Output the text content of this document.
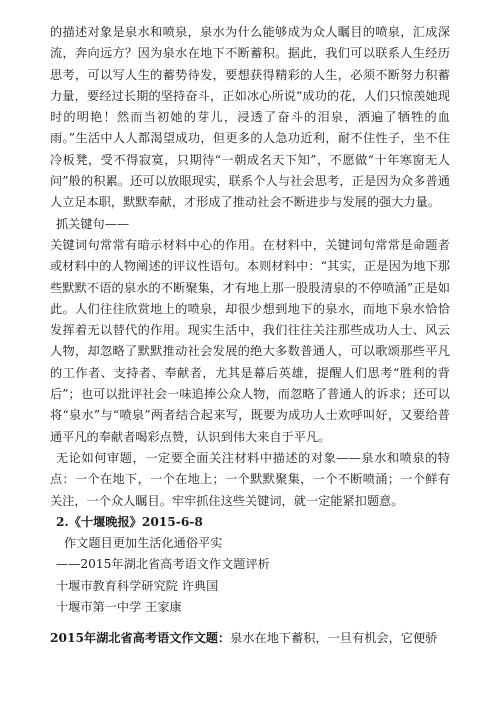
的描述对象是泉水和喷泉，泉水为什么能够成为众人瞩目的喷泉，汇成深流，奔向远方？因为泉水在地下不断蓄积。据此，我们可以联系人生经历思考，可以写人生的蓄势待发，要想获得精彩的人生，必须不断努力积蓄力量，要经过长期的坚持奋斗，正如冰心所说“成功的花，人们只惊羡她现时的明艳！然而当初她的芽儿，浸透了奋斗的泪泉，洒遍了牺牲的血雨。”生活中人人都渴望成功，但更多的人急功近利，耐不住性子，坐不住冷板凳，受不得寂寞，只期待“一朝成名天下知”，不愿做“十年寒窗无人问”般的积累。还可以放眼现实，联系个人与社会思考，正是因为众多普通人立足本职，默默奉献，才形成了推动社会不断进步与发展的强大力量。

抓关键句——

关键词句常常有暗示材料中心的作用。在材料中，关键词句常常是命题者或材料中的人物阐述的评议性语句。本则材料中：“其实，正是因为地下那些默默不语的泉水的不断聚集，才有地上那一股股清泉的不停喷涌”正是如此。人们往往欣赏地上的喷泉，却很少想到地下的泉水，而地下泉水恰恰发挥着无以替代的作用。现实生活中，我们往往关注那些成功人士、风云人物，却忽略了默默推动社会发展的绝大多数普通人，可以歌颂那些平凡的工作者、支持者、奉献者，尤其是幕后英雄，提醒人们思考“胜利的背后”；也可以批评社会一味追捧公众人物，而忽略了普通人的诉求；还可以将“泉水”与“喷泉”两者结合起来写，既要为成功人士欢呼叫好，又要给普通平凡的奉献者喝彩点赞，认识到伟大来自于平凡。

无论如何审题，一定要全面关注材料中描述的对象——泉水和喷泉的特点：一个在地下，一个在地上；一个默默聚集，一个不断喷涌；一个鲜有关注，一个众人瞩目。牢牢抓住这些关键词，就一定能紧扣题意。

2.《十堰晚报》2015-6-8

作文题目更加生活化通俗平实

——2015年湖北省高考语文作文题评析

十堰市教育科学研究院 许典国

十堰市第一中学 王家康

2015年湖北省高考语文作文题：泉水在地下蓄积，一旦有机会，它便骄
